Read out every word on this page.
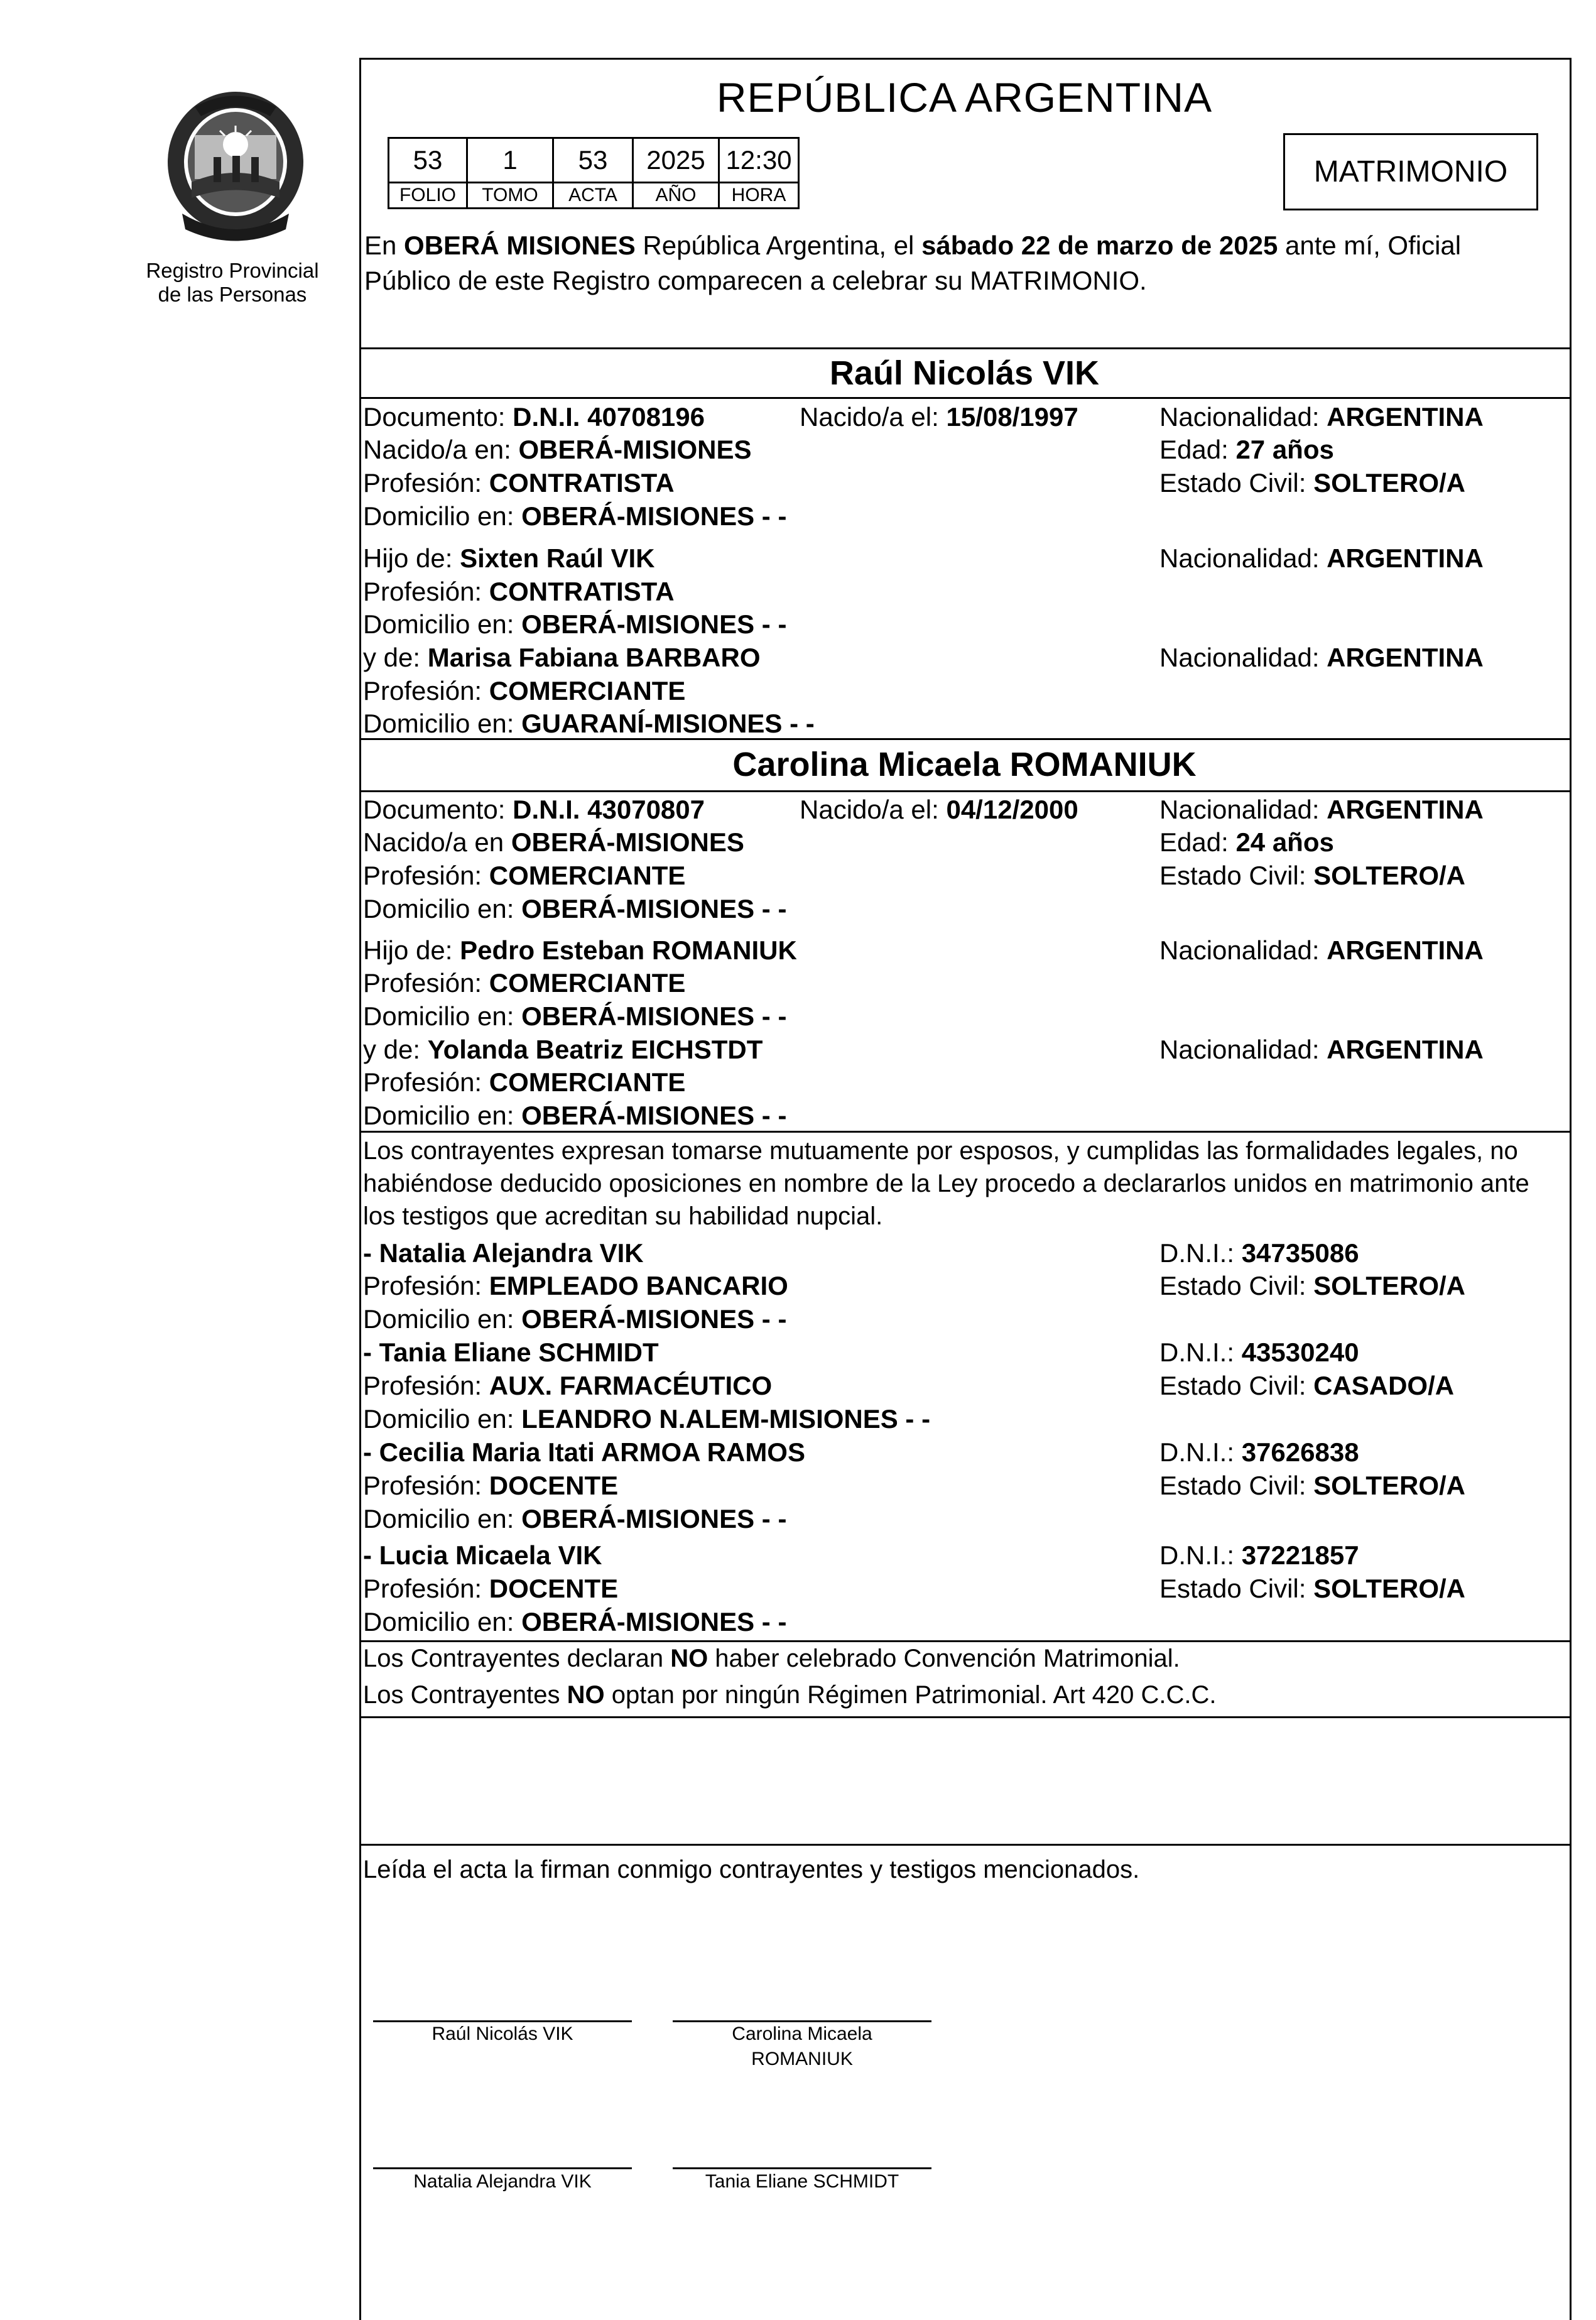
Registro Provincial
de las Personas
REPÚBLICA ARGENTINA
53	1	53	2025	12:30
FOLIO	TOMO	ACTA	AÑO	HORA
MATRIMONIO
En OBERÁ MISIONES República Argentina, el sábado 22 de marzo de 2025 ante mí, Oficial
Público de este Registro comparecen a celebrar su MATRIMONIO.
Raúl Nicolás VIK
Documento: D.N.I. 40708196	Nacido/a el: 15/08/1997	Nacionalidad: ARGENTINA
Nacido/a en: OBERÁ-MISIONES	Edad: 27 años
Profesión: CONTRATISTA	Estado Civil: SOLTERO/A
Domicilio en: OBERÁ-MISIONES - -
Hijo de: Sixten Raúl VIK	Nacionalidad: ARGENTINA
Profesión: CONTRATISTA
Domicilio en: OBERÁ-MISIONES - -
y de: Marisa Fabiana BARBARO	Nacionalidad: ARGENTINA
Profesión: COMERCIANTE
Domicilio en: GUARANÍ-MISIONES - -
Carolina Micaela ROMANIUK
Documento: D.N.I. 43070807	Nacido/a el: 04/12/2000	Nacionalidad: ARGENTINA
Nacido/a en OBERÁ-MISIONES	Edad: 24 años
Profesión: COMERCIANTE	Estado Civil: SOLTERO/A
Domicilio en: OBERÁ-MISIONES - -
Hijo de: Pedro Esteban ROMANIUK	Nacionalidad: ARGENTINA
Profesión: COMERCIANTE
Domicilio en: OBERÁ-MISIONES - -
y de: Yolanda Beatriz EICHSTDT	Nacionalidad: ARGENTINA
Profesión: COMERCIANTE
Domicilio en: OBERÁ-MISIONES - -
Los contrayentes expresan tomarse mutuamente por esposos, y cumplidas las formalidades legales, no
habiéndose deducido oposiciones en nombre de la Ley procedo a declararlos unidos en matrimonio ante
los testigos que acreditan su habilidad nupcial.
- Natalia Alejandra VIK	D.N.I.: 34735086
Profesión: EMPLEADO BANCARIO	Estado Civil: SOLTERO/A
Domicilio en: OBERÁ-MISIONES - -
- Tania Eliane SCHMIDT	D.N.I.: 43530240
Profesión: AUX. FARMACÉUTICO	Estado Civil: CASADO/A
Domicilio en: LEANDRO N.ALEM-MISIONES - -
- Cecilia Maria Itati ARMOA RAMOS	D.N.I.: 37626838
Profesión: DOCENTE	Estado Civil: SOLTERO/A
Domicilio en: OBERÁ-MISIONES - -
- Lucia Micaela VIK	D.N.I.: 37221857
Profesión: DOCENTE	Estado Civil: SOLTERO/A
Domicilio en: OBERÁ-MISIONES - -
Los Contrayentes declaran NO haber celebrado Convención Matrimonial.
Los Contrayentes NO optan por ningún Régimen Patrimonial. Art 420 C.C.C.
Leída el acta la firman conmigo contrayentes y testigos mencionados.
Raúl Nicolás VIK	Carolina Micaela
ROMANIUK
Natalia Alejandra VIK	Tania Eliane SCHMIDT
